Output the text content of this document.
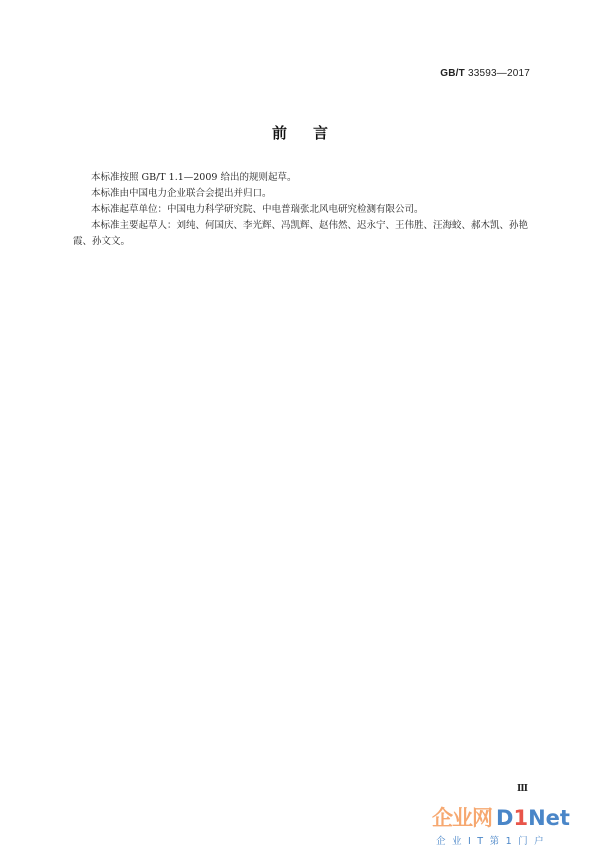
GB/T 33593—2017
前言

本标准按照 GB/T 1.1—2009 给出的规则起草。

本标准由中国电力企业联合会提出并归口。

本标准起草单位：中国电力科学研究院、中电普瑞张北风电研究检测有限公司。

本标准主要起草人：刘纯、何国庆、李光辉、冯凯辉、赵伟然、迟永宁、王伟胜、汪海蛟、郝木凯、孙艳霞、孙文文。

Ⅲ
企业网 D1Net
企业IT第1门户
